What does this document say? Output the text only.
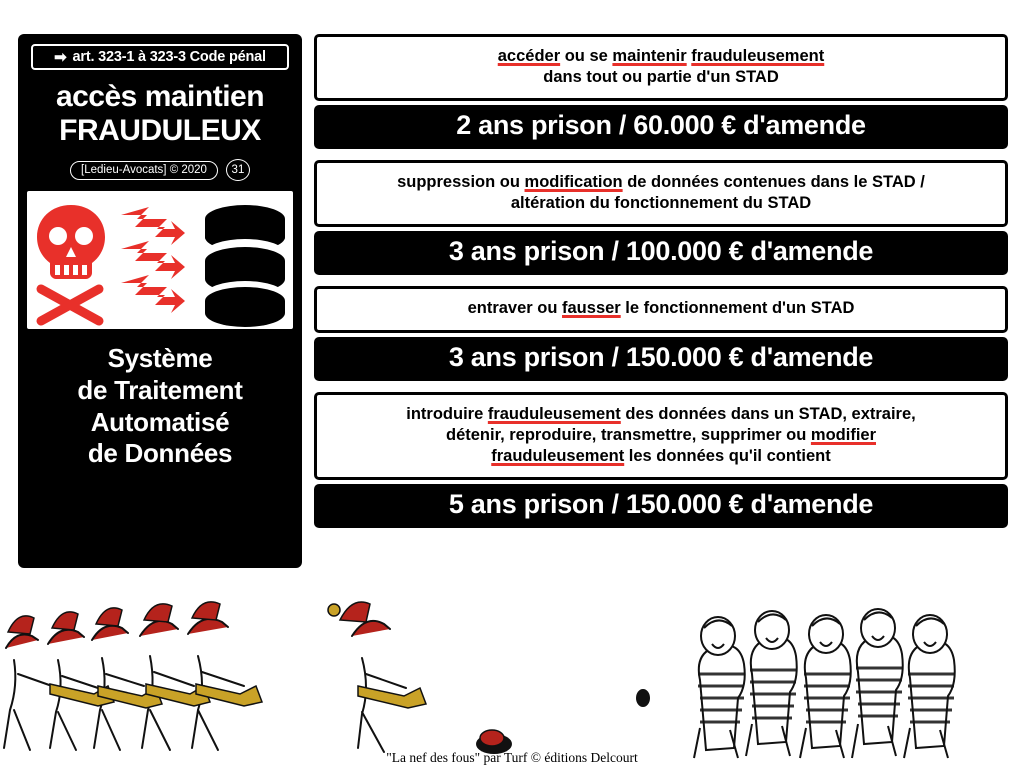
➡ art. 323-1 à 323-3 Code pénal
accès maintien
FRAUDULEUX
[Ledieu-Avocats] © 2020	31
Système
de Traitement
Automatisé
de Données
accéder ou se maintenir frauduleusement
dans tout ou partie d'un STAD
2 ans prison / 60.000 € d'amende
suppression ou modification de données contenues dans le STAD /
altération du fonctionnement du STAD
3 ans prison / 100.000 € d'amende
entraver ou fausser le fonctionnement d'un STAD
3 ans prison / 150.000 € d'amende
introduire frauduleusement des données dans un STAD, extraire,
détenir, reproduire, transmettre, supprimer ou modifier
frauduleusement les données qu'il contient
5 ans prison / 150.000 € d'amende
"La nef des fous" par Turf © éditions Delcourt
